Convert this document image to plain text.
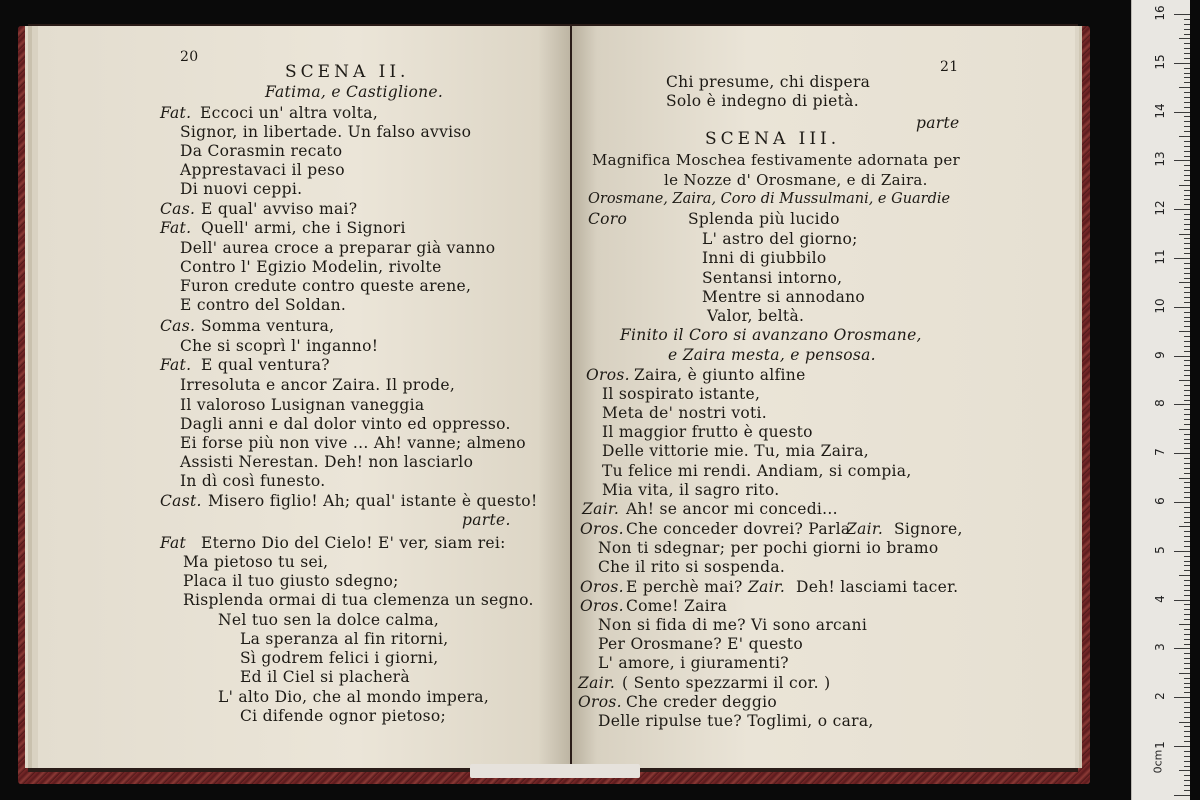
20
SCENA II.
Fatima, e Castiglione.
Fat. Eccoci un' altra volta,
Signor, in libertade. Un falso avviso
Da Corasmin recato
Apprestavaci il peso
Di nuovi ceppi.
Cas. E qual' avviso mai?
Fat. Quell' armi, che i Signori
Dell' aurea croce a preparar già vanno
Contro l' Egizio Modelin, rivolte
Furon credute contro queste arene,
E contro del Soldan.
Cas. Somma ventura,
Che si scoprì l' inganno!
Fat. E qual ventura?
Irresoluta e ancor Zaira. Il prode,
Il valoroso Lusignan vaneggia
Dagli anni e dal dolor vinto ed oppresso.
Ei forse più non vive ... Ah! vanne; almeno
Assisti Nerestan. Deh! non lasciarlo
In dì così funesto.
Cast. Misero figlio! Ah; qual' istante è questo!
parte.
Fat Eterno Dio del Cielo! E' ver, siam rei:
Ma pietoso tu sei,
Placa il tuo giusto sdegno;
Risplenda ormai di tua clemenza un segno.
Nel tuo sen la dolce calma,
La speranza al fin ritorni,
Sì godrem felici i giorni,
Ed il Ciel si placherà
L' alto Dio, che al mondo impera,
Ci difende ognor pietoso;
Chi presume, chi dispera
Solo è indegno di pietà.
21
parte
SCENA III.
Magnifica Moschea festivamente adornata per
le Nozze d' Orosmane, e di Zaira.
Orosmane, Zaira, Coro di Mussulmani, e Guardie
Coro	Splenda più lucido
L' astro del giorno;
Inni di giubbilo
Sentansi intorno,
Mentre si annodano
Valor, beltà.
Finito il Coro si avanzano Orosmane,
e Zaira mesta, e pensosa.
Oros. Zaira, è giunto alfine
Il sospirato istante,
Meta de' nostri voti.
Il maggior frutto è questo
Delle vittorie mie. Tu, mia Zaira,
Tu felice mi rendi. Andiam, si compia,
Mia vita, il sagro rito.
Zair. Ah! se ancor mi concedi...
Oros. Che conceder dovrei? Parla
Zair. Signore,
Non ti sdegnar; per pochi giorni io bramo
Che il rito si sospenda.
Oros. E perchè mai? Zair. Deh! lasciami tacer.
Oros. Come! Zaira
Non si fida di me? Vi sono arcani
Per Orosmane? E' questo
L' amore, i giuramenti?
Zair. ( Sento spezzarmi il cor. )
Oros. Che creder deggio
Delle ripulse tue? Toglimi, o cara,
0cm
1
2
3
4
5
6
7
8
9
10
11
12
13
14
15
16
